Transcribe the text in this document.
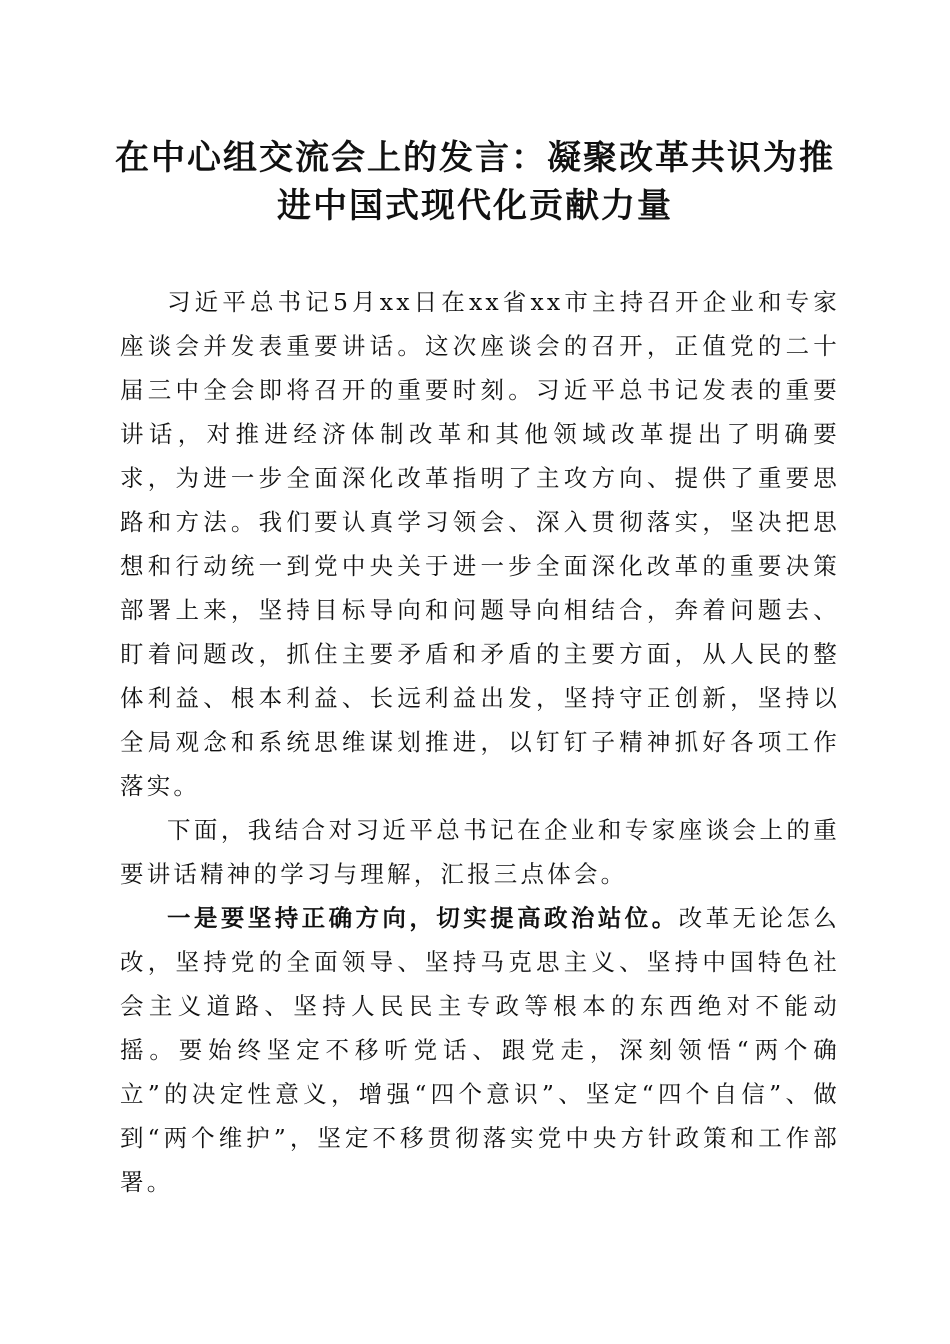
在中心组交流会上的发言：凝聚改革共识为推
进中国式现代化贡献力量

习近平总书记5月xx日在xx省xx市主持召开企业和专家座谈会并发表重要讲话。这次座谈会的召开，正值党的二十届三中全会即将召开的重要时刻。习近平总书记发表的重要讲话，对推进经济体制改革和其他领域改革提出了明确要求，为进一步全面深化改革指明了主攻方向、提供了重要思路和方法。我们要认真学习领会、深入贯彻落实，坚决把思想和行动统一到党中央关于进一步全面深化改革的重要决策部署上来，坚持目标导向和问题导向相结合，奔着问题去、盯着问题改，抓住主要矛盾和矛盾的主要方面，从人民的整体利益、根本利益、长远利益出发，坚持守正创新，坚持以全局观念和系统思维谋划推进，以钉钉子精神抓好各项工作落实。

下面，我结合对习近平总书记在企业和专家座谈会上的重要讲话精神的学习与理解，汇报三点体会。

一是要坚持正确方向，切实提高政治站位。改革无论怎么改，坚持党的全面领导、坚持马克思主义、坚持中国特色社会主义道路、坚持人民民主专政等根本的东西绝对不能动摇。要始终坚定不移听党话、跟党走，深刻领悟“两个确立”的决定性意义，增强“四个意识”、坚定“四个自信”、做到“两个维护”，坚定不移贯彻落实党中央方针政策和工作部署。
